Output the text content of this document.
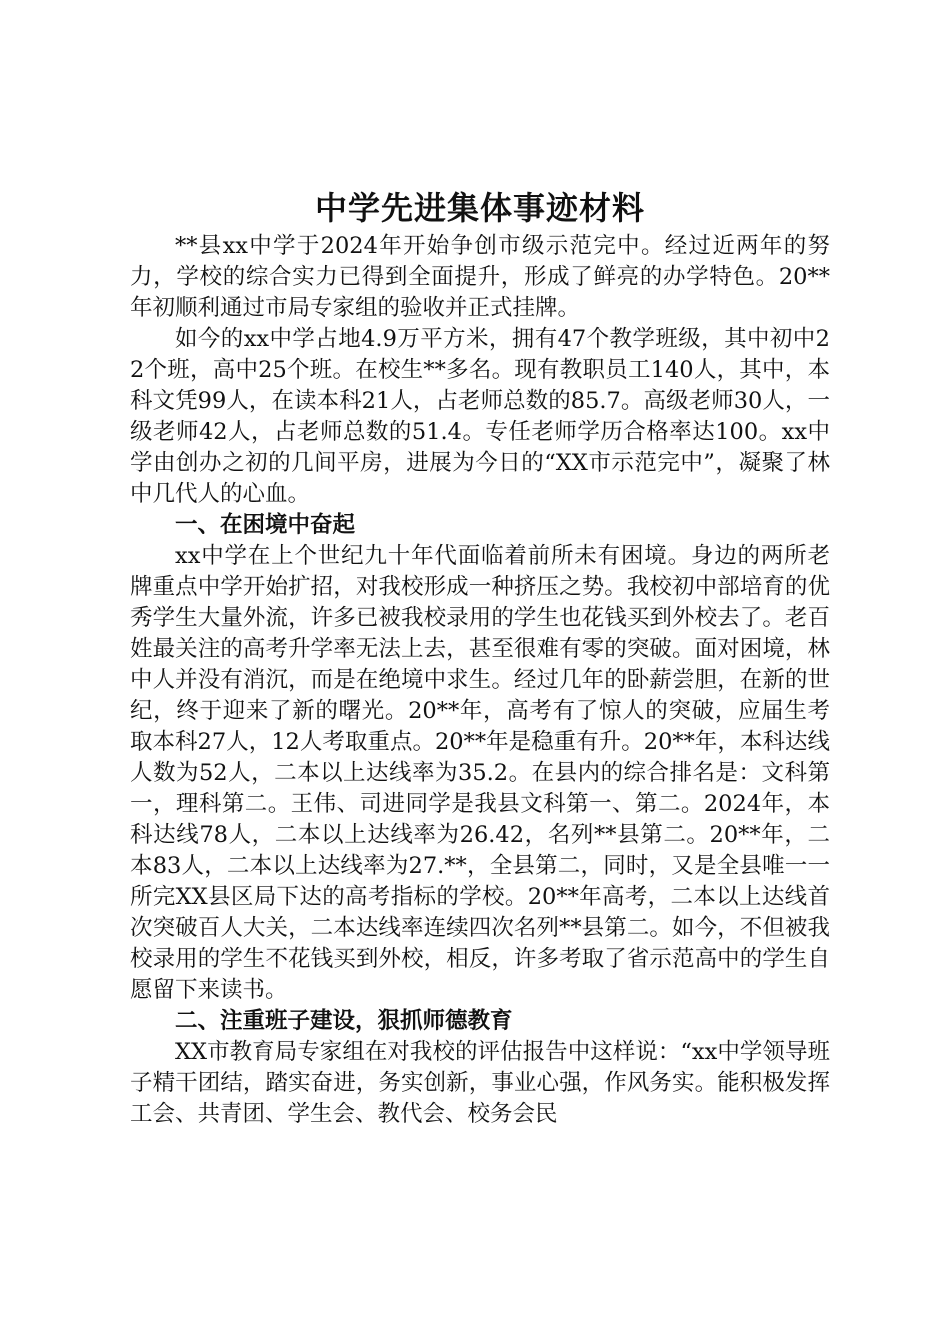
中学先进集体事迹材料

**县xx中学于2024年开始争创市级示范完中。经过近两年的努力，学校的综合实力已得到全面提升，形成了鲜亮的办学特色。20**年初顺利通过市局专家组的验收并正式挂牌。

如今的xx中学占地4.9万平方米，拥有47个教学班级，其中初中22个班，高中25个班。在校生**多名。现有教职员工140人，其中，本科文凭99人，在读本科21人，占老师总数的85.7。高级老师30人，一级老师42人，占老师总数的51.4。专任老师学历合格率达100。xx中学由创办之初的几间平房，进展为今日的“XX市示范完中”，凝聚了林中几代人的心血。

一、在困境中奋起

xx中学在上个世纪九十年代面临着前所未有困境。身边的两所老牌重点中学开始扩招，对我校形成一种挤压之势。我校初中部培育的优秀学生大量外流，许多已被我校录用的学生也花钱买到外校去了。老百姓最关注的高考升学率无法上去，甚至很难有零的突破。面对困境，林中人并没有消沉，而是在绝境中求生。经过几年的卧薪尝胆，在新的世纪，终于迎来了新的曙光。20**年，高考有了惊人的突破，应届生考取本科27人，12人考取重点。20**年是稳重有升。20**年，本科达线人数为52人，二本以上达线率为35.2。在县内的综合排名是：文科第一，理科第二。王伟、司进同学是我县文科第一、第二。2024年，本科达线78人，二本以上达线率为26.42，名列**县第二。20**年，二本83人，二本以上达线率为27.**，全县第二，同时，又是全县唯一一所完XX县区局下达的高考指标的学校。20**年高考，二本以上达线首次突破百人大关，二本达线率连续四次名列**县第二。如今，不但被我校录用的学生不花钱买到外校，相反，许多考取了省示范高中的学生自愿留下来读书。

二、注重班子建设，狠抓师德教育

XX市教育局专家组在对我校的评估报告中这样说：“xx中学领导班子精干团结，踏实奋进，务实创新，事业心强，作风务实。能积极发挥工会、共青团、学生会、教代会、校务会民
